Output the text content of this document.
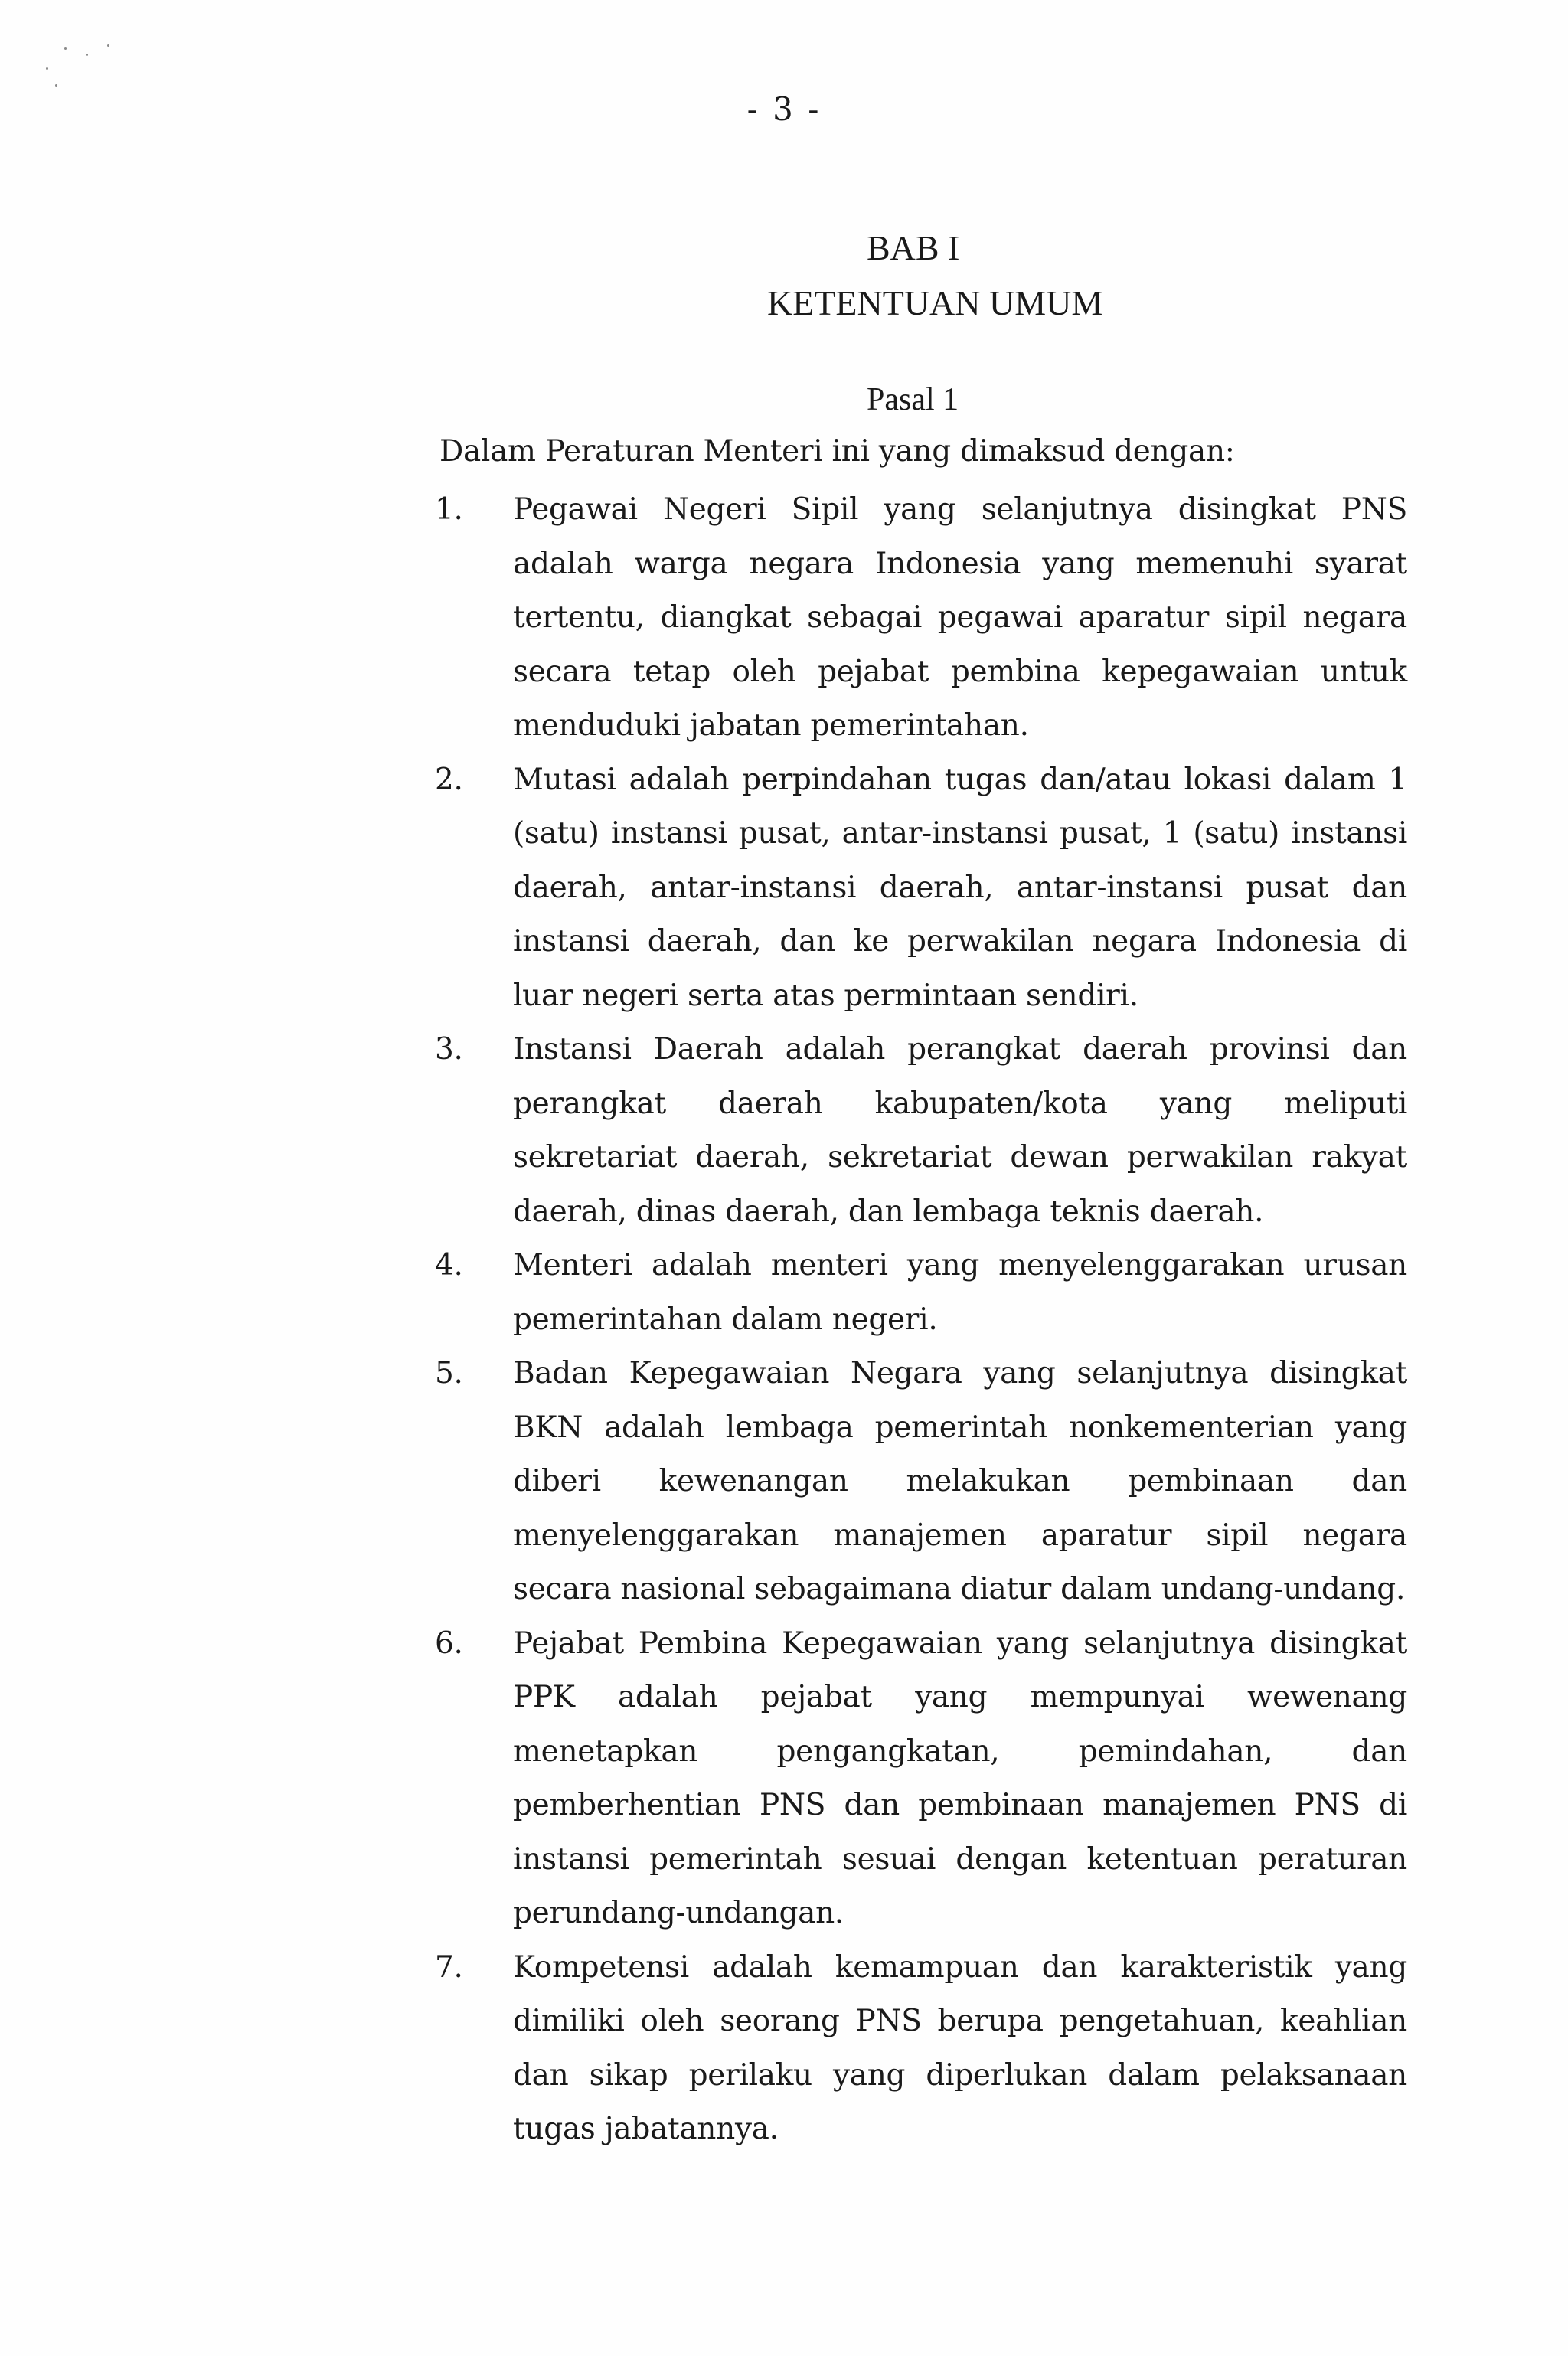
- 3 -
BAB I
KETENTUAN UMUM
Pasal 1
Dalam Peraturan Menteri ini yang dimaksud dengan:
1. Pegawai Negeri Sipil yang selanjutnya disingkat PNS adalah warga negara Indonesia yang memenuhi syarat tertentu, diangkat sebagai pegawai aparatur sipil negara secara tetap oleh pejabat pembina kepegawaian untuk menduduki jabatan pemerintahan.
2. Mutasi adalah perpindahan tugas dan/atau lokasi dalam 1 (satu) instansi pusat, antar-instansi pusat, 1 (satu) instansi daerah, antar-instansi daerah, antar-instansi pusat dan instansi daerah, dan ke perwakilan negara Indonesia di luar negeri serta atas permintaan sendiri.
3. Instansi Daerah adalah perangkat daerah provinsi dan perangkat daerah kabupaten/kota yang meliputi sekretariat daerah, sekretariat dewan perwakilan rakyat daerah, dinas daerah, dan lembaga teknis daerah.
4. Menteri adalah menteri yang menyelenggarakan urusan pemerintahan dalam negeri.
5. Badan Kepegawaian Negara yang selanjutnya disingkat BKN adalah lembaga pemerintah nonkementerian yang diberi kewenangan melakukan pembinaan dan menyelenggarakan manajemen aparatur sipil negara secara nasional sebagaimana diatur dalam undang-undang.
6. Pejabat Pembina Kepegawaian yang selanjutnya disingkat PPK adalah pejabat yang mempunyai wewenang menetapkan pengangkatan, pemindahan, dan pemberhentian PNS dan pembinaan manajemen PNS di instansi pemerintah sesuai dengan ketentuan peraturan perundang-undangan.
7. Kompetensi adalah kemampuan dan karakteristik yang dimiliki oleh seorang PNS berupa pengetahuan, keahlian dan sikap perilaku yang diperlukan dalam pelaksanaan tugas jabatannya.
